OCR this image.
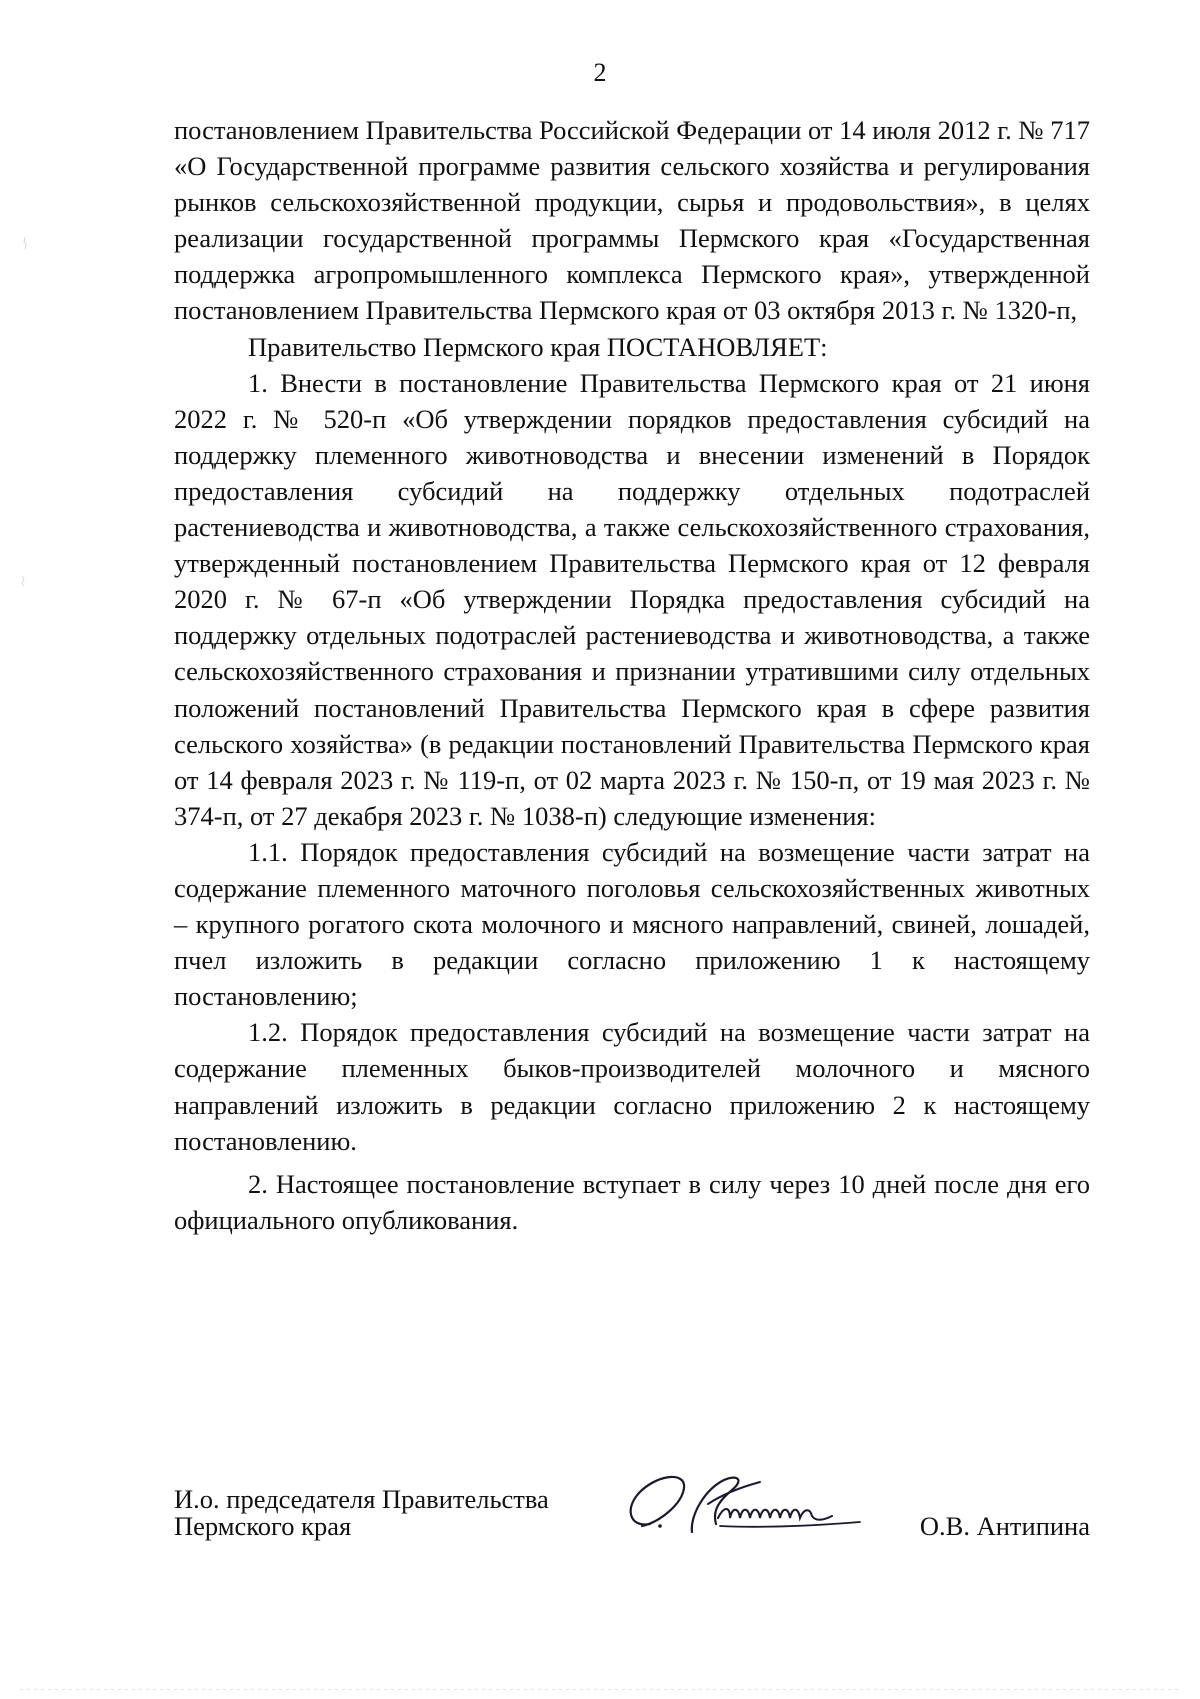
2

постановлением Правительства Российской Федерации от 14 июля 2012 г. № 717 «О Государственной программе развития сельского хозяйства и регулирования рынков сельскохозяйственной продукции, сырья и продовольствия», в целях реализации государственной программы Пермского края «Государственная поддержка агропромышленного комплекса Пермского края», утвержденной постановлением Правительства Пермского края от 03 октября 2013 г. № 1320-п,

Правительство Пермского края ПОСТАНОВЛЯЕТ:

1. Внести в постановление Правительства Пермского края от 21 июня 2022 г. № 520-п «Об утверждении порядков предоставления субсидий на поддержку племенного животноводства и внесении изменений в Порядок предоставления субсидий на поддержку отдельных подотраслей растениеводства и животноводства, а также сельскохозяйственного страхования, утвержденный постановлением Правительства Пермского края от 12 февраля 2020 г. № 67-п «Об утверждении Порядка предоставления субсидий на поддержку отдельных подотраслей растениеводства и животноводства, а также сельскохозяйственного страхования и признании утратившими силу отдельных положений постановлений Правительства Пермского края в сфере развития сельского хозяйства» (в редакции постановлений Правительства Пермского края от 14 февраля 2023 г. № 119-п, от 02 марта 2023 г. № 150-п, от 19 мая 2023 г. № 374-п, от 27 декабря 2023 г. № 1038-п) следующие изменения:

1.1. Порядок предоставления субсидий на возмещение части затрат на содержание племенного маточного поголовья сельскохозяйственных животных – крупного рогатого скота молочного и мясного направлений, свиней, лошадей, пчел изложить в редакции согласно приложению 1 к настоящему постановлению;

1.2. Порядок предоставления субсидий на возмещение части затрат на содержание племенных быков-производителей молочного и мясного направлений изложить в редакции согласно приложению 2 к настоящему постановлению.

2. Настоящее постановление вступает в силу через 10 дней после дня его официального опубликования.

И.о. председателя Правительства
Пермского края	О.В. Антипина
